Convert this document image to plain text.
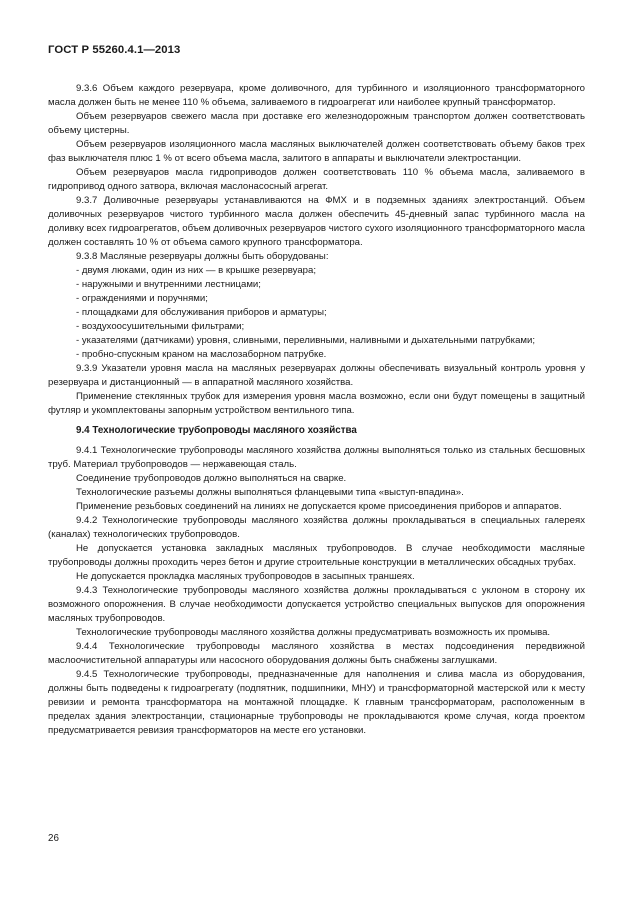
ГОСТ Р 55260.4.1—2013

9.3.6 Объем каждого резервуара, кроме доливочного, для турбинного и изоляционного трансформаторного масла должен быть не менее 110 % объема, заливаемого в гидроагрегат или наиболее крупный трансформатор.

Объем резервуаров свежего масла при доставке его железнодорожным транспортом должен соответствовать объему цистерны.

Объем резервуаров изоляционного масла масляных выключателей должен соответствовать объему баков трех фаз выключателя плюс 1 % от всего объема масла, залитого в аппараты и выключатели электростанции.

Объем резервуаров масла гидроприводов должен соответствовать 110 % объема масла, заливаемого в гидропривод одного затвора, включая маслонасосный агрегат.

9.3.7 Доливочные резервуары устанавливаются на ФМХ и в подземных зданиях электростанций. Объем доливочных резервуаров чистого турбинного масла должен обеспечить 45-дневный запас турбинного масла на доливку всех гидроагрегатов, объем доливочных резервуаров чистого сухого изоляционного трансформаторного масла должен составлять 10 % от объема самого крупного трансформатора.

9.3.8 Масляные резервуары должны быть оборудованы:

- двумя люками, один из них — в крышке резервуара;

- наружными и внутренними лестницами;

- ограждениями и поручнями;

- площадками для обслуживания приборов и арматуры;

- воздухоосушительными фильтрами;

- указателями (датчиками) уровня, сливными, переливными, наливными и дыхательными патрубками;

- пробно-спускным краном на маслозаборном патрубке.

9.3.9 Указатели уровня масла на масляных резервуарах должны обеспечивать визуальный контроль уровня у резервуара и дистанционный — в аппаратной масляного хозяйства.

Применение стеклянных трубок для измерения уровня масла возможно, если они будут помещены в защитный футляр и укомплектованы запорным устройством вентильного типа.

9.4 Технологические трубопроводы масляного хозяйства

9.4.1 Технологические трубопроводы масляного хозяйства должны выполняться только из стальных бесшовных труб. Материал трубопроводов — нержавеющая сталь.

Соединение трубопроводов должно выполняться на сварке.

Технологические разъемы должны выполняться фланцевыми типа «выступ-впадина».

Применение резьбовых соединений на линиях не допускается кроме присоединения приборов и аппаратов.

9.4.2 Технологические трубопроводы масляного хозяйства должны прокладываться в специальных галереях (каналах) технологических трубопроводов.

Не допускается установка закладных масляных трубопроводов. В случае необходимости масляные трубопроводы должны проходить через бетон и другие строительные конструкции в металлических обсадных трубах.

Не допускается прокладка масляных трубопроводов в засыпных траншеях.

9.4.3 Технологические трубопроводы масляного хозяйства должны прокладываться с уклоном в сторону их возможного опорожнения. В случае необходимости допускается устройство специальных выпусков для опорожнения масляных трубопроводов.

Технологические трубопроводы масляного хозяйства должны предусматривать возможность их промыва.

9.4.4 Технологические трубопроводы масляного хозяйства в местах подсоединения передвижной маслоочистительной аппаратуры или насосного оборудования должны быть снабжены заглушками.

9.4.5 Технологические трубопроводы, предназначенные для наполнения и слива масла из оборудования, должны быть подведены к гидроагрегату (подпятник, подшипники, МНУ) и трансформаторной мастерской или к месту ревизии и ремонта трансформатора на монтажной площадке. К главным трансформаторам, расположенным в пределах здания электростанции, стационарные трубопроводы не прокладываются кроме случая, когда проектом предусматривается ревизия трансформаторов на месте его установки.

26
